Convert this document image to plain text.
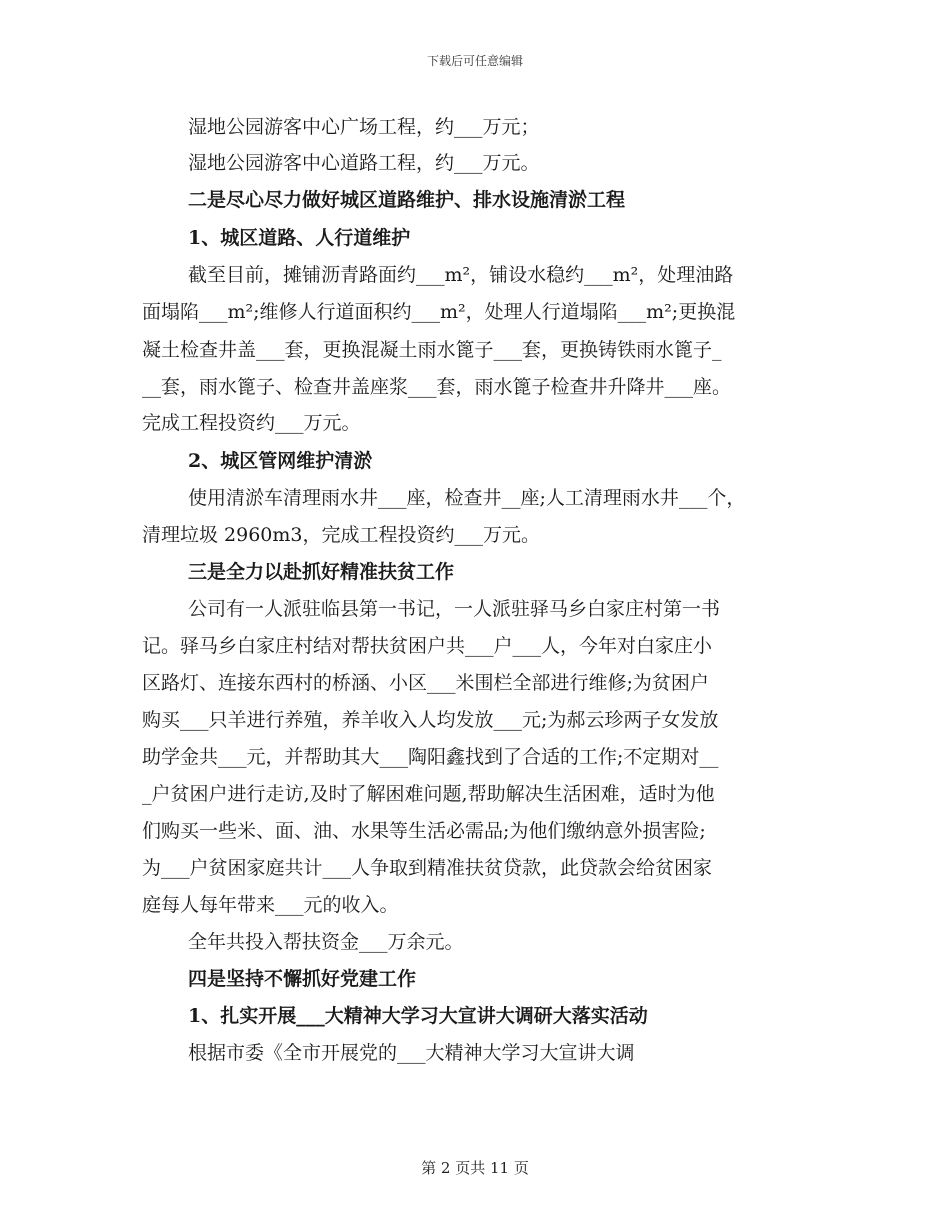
下载后可任意编辑
湿地公园游客中心广场工程，约___万元；
湿地公园游客中心道路工程，约___万元。
二是尽心尽力做好城区道路维护、排水设施清淤工程
1、城区道路、人行道维护
截至目前，摊铺沥青路面约___m²，铺设水稳约___m²，处理油路
面塌陷___m²;维修人行道面积约___m²，处理人行道塌陷___m²;更换混
凝土检查井盖___套，更换混凝土雨水篦子___套，更换铸铁雨水篦子_
__套，雨水篦子、检查井盖座浆___套，雨水篦子检查井升降井___座。
完成工程投资约___万元。
2、城区管网维护清淤
使用清淤车清理雨水井___座，检查井__座;人工清理雨水井___个，
清理垃圾 2960m3，完成工程投资约___万元。
三是全力以赴抓好精准扶贫工作
公司有一人派驻临县第一书记，一人派驻驿马乡白家庄村第一书
记。驿马乡白家庄村结对帮扶贫困户共___户___人，今年对白家庄小
区路灯、连接东西村的桥涵、小区___米围栏全部进行维修;为贫困户
购买___只羊进行养殖，养羊收入人均发放___元;为郝云珍两子女发放
助学金共___元，并帮助其大___陶阳鑫找到了合适的工作;不定期对__
_户贫困户进行走访,及时了解困难问题,帮助解决生活困难，适时为他
们购买一些米、面、油、水果等生活必需品;为他们缴纳意外损害险;
为___户贫困家庭共计___人争取到精准扶贫贷款，此贷款会给贫困家
庭每人每年带来___元的收入。
全年共投入帮扶资金___万余元。
四是坚持不懈抓好党建工作
1、扎实开展___大精神大学习大宣讲大调研大落实活动
根据市委《全市开展党的___大精神大学习大宣讲大调
第 2 页共 11 页
